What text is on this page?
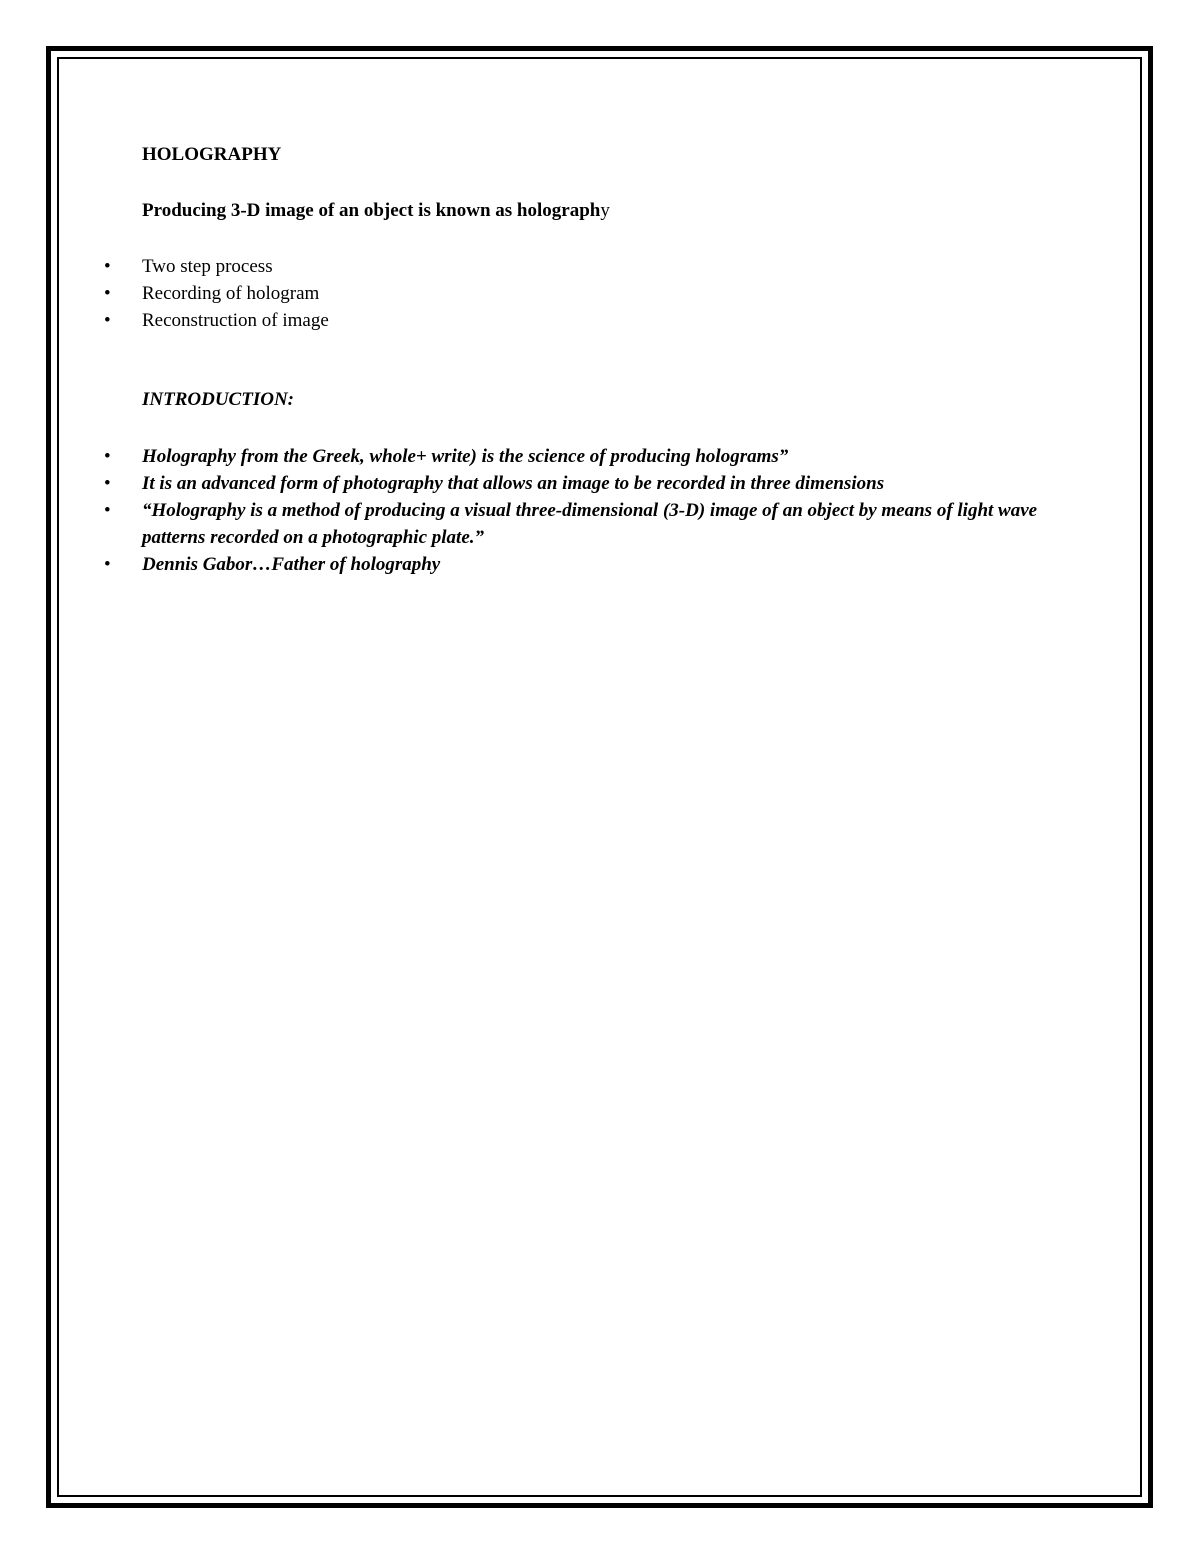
HOLOGRAPHY

Producing 3-D image of an object is known as holography

• Two step process
• Recording of hologram
• Reconstruction of image

INTRODUCTION:

• Holography from the Greek, whole+ write) is the science of producing holograms”
• It is an advanced form of photography that allows an image to be recorded in three dimensions
• “Holography is a method of producing a visual three-dimensional (3-D) image of an object by means of light wave patterns recorded on a photographic plate.”
• Dennis Gabor…Father of holography
